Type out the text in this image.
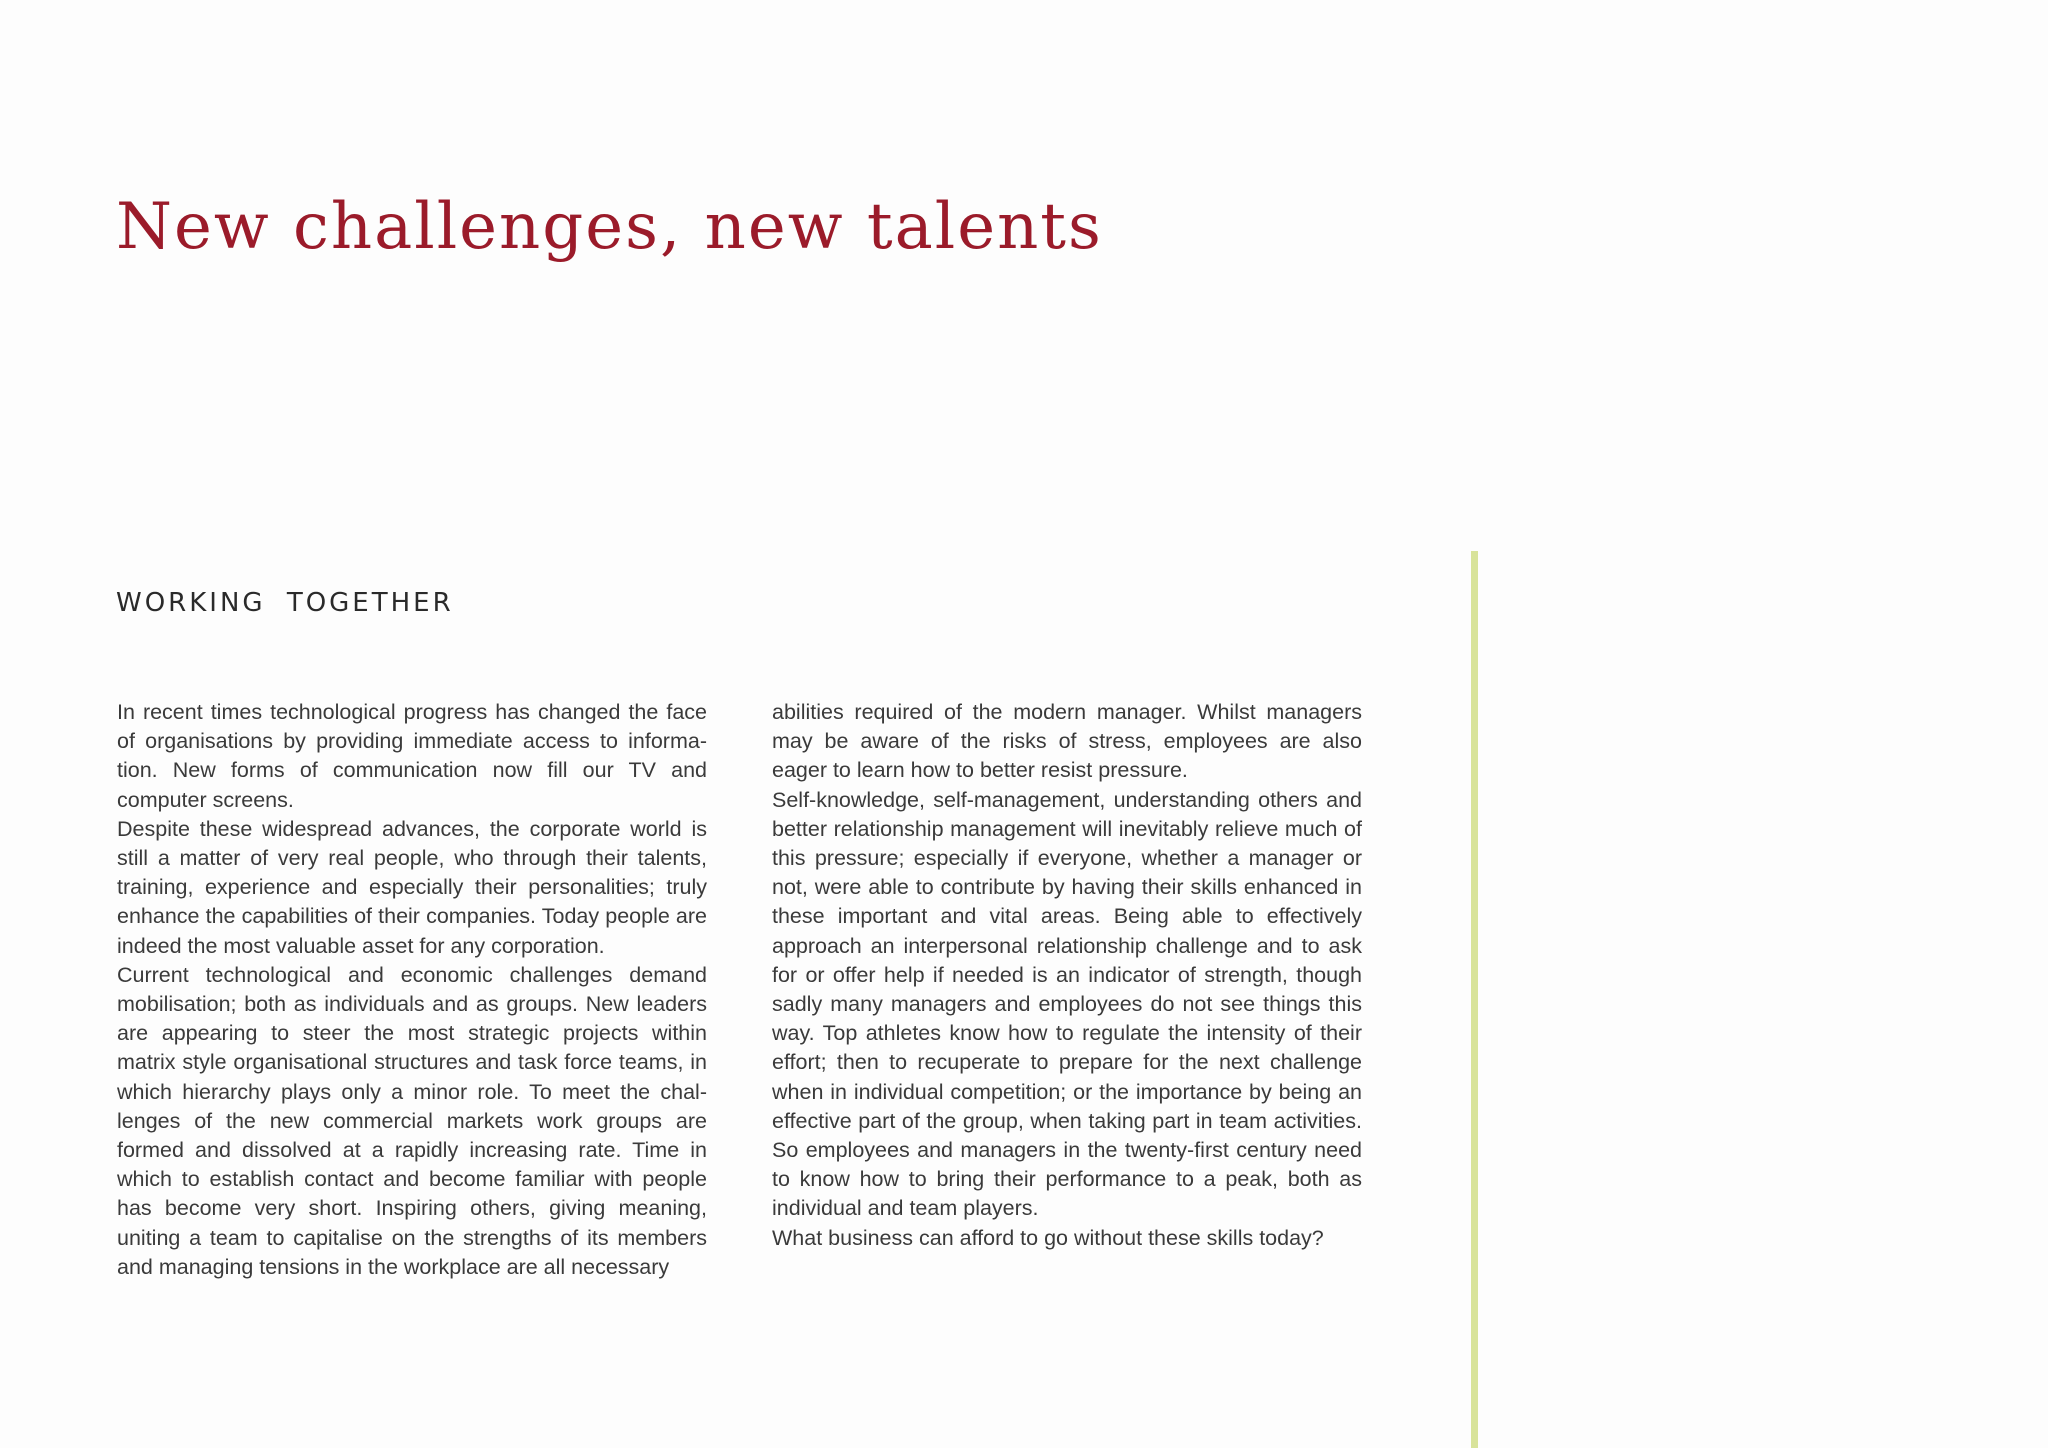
New challenges, new talents
WORKING TOGETHER

In recent times technological progress has changed the face of organisations by providing immediate access to information. New forms of communication now fill our TV and computer screens.

Despite these widespread advances, the corporate world is still a matter of very real people, who through their talents, training, experience and especially their personalities; truly enhance the capabilities of their companies. Today people are indeed the most valuable asset for any corporation.

Current technological and economic challenges demand mobilisation; both as individuals and as groups. New leaders are appearing to steer the most strategic projects within matrix style organisational structures and task force teams, in which hierarchy plays only a minor role. To meet the challenges of the new commercial markets work groups are formed and dissolved at a rapidly increasing rate. Time in which to establish contact and become familiar with people has become very short. Inspiring others, giving meaning, uniting a team to capitalise on the strengths of its members and managing tensions in the workplace are all necessary

abilities required of the modern manager. Whilst managers may be aware of the risks of stress, employees are also eager to learn how to better resist pressure.

Self-knowledge, self-management, understanding others and better relationship management will inevitably relieve much of this pressure; especially if everyone, whether a manager or not, were able to contribute by having their skills enhanced in these important and vital areas. Being able to effectively approach an interpersonal relationship challenge and to ask for or offer help if needed is an indicator of strength, though sadly many managers and employees do not see things this way. Top athletes know how to regulate the intensity of their effort; then to recuperate to prepare for the next challenge when in individual competition; or the importance by being an effective part of the group, when taking part in team activities. So employees and managers in the twenty-first century need to know how to bring their performance to a peak, both as individual and team players.

What business can afford to go without these skills today?
